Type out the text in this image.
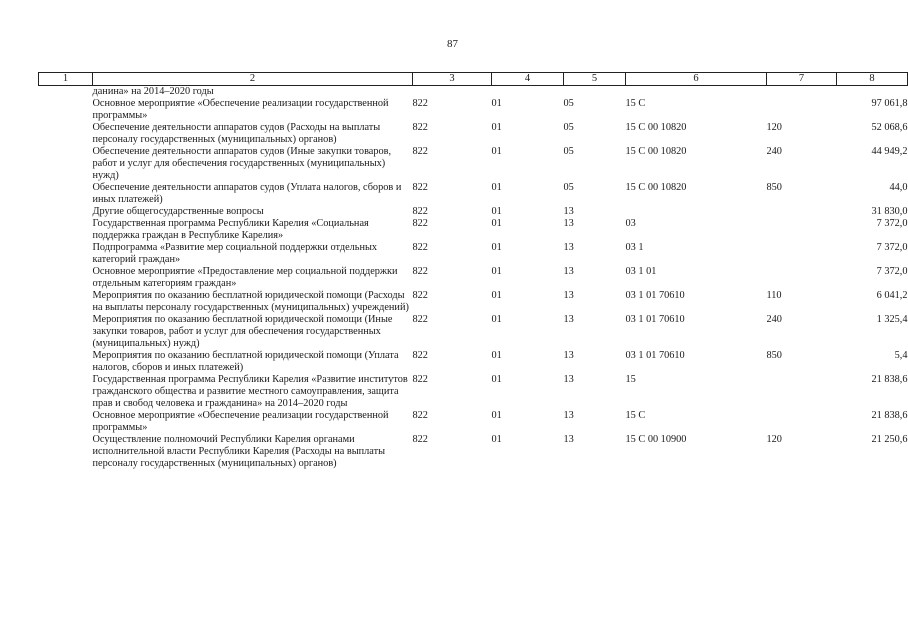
87
1	2	3	4	5	6	7	8
	данина» на 2014–2020 годы						
	Основное мероприятие «Обеспечение реализации государственной программы»	822	01	05	15 С		97 061,8
	Обеспечение деятельности аппаратов судов (Расходы на выплаты персоналу государственных (муниципальных) органов)	822	01	05	15 С 00 10820	120	52 068,6
	Обеспечение деятельности аппаратов судов (Иные закупки товаров, работ и услуг для обеспечения государственных (муниципальных) нужд)	822	01	05	15 С 00 10820	240	44 949,2
	Обеспечение деятельности аппаратов судов (Уплата налогов, сборов и иных платежей)	822	01	05	15 С 00 10820	850	44,0
	Другие общегосударственные вопросы	822	01	13			31 830,0
	Государственная программа Республики Карелия «Социальная поддержка граждан в Республике Карелия»	822	01	13	03		7 372,0
	Подпрограмма «Развитие мер социальной поддержки отдельных категорий граждан»	822	01	13	03 1		7 372,0
	Основное мероприятие «Предоставление мер социальной поддержки отдельным категориям граждан»	822	01	13	03 1 01		7 372,0
	Мероприятия по оказанию бесплатной юридической помощи (Расходы на выплаты персоналу государственных (муниципальных) учреждений)	822	01	13	03 1 01 70610	110	6 041,2
	Мероприятия по оказанию бесплатной юридической помощи (Иные закупки товаров, работ и услуг для обеспечения государственных (муниципальных) нужд)	822	01	13	03 1 01 70610	240	1 325,4
	Мероприятия по оказанию бесплатной юридической помощи (Уплата налогов, сборов и иных платежей)	822	01	13	03 1 01 70610	850	5,4
	Государственная программа Республики Карелия «Развитие институтов гражданского общества и развитие местного самоуправления, защита прав и свобод человека и гражданина» на 2014–2020 годы	822	01	13	15		21 838,6
	Основное мероприятие «Обеспечение реализации государственной программы»	822	01	13	15 С		21 838,6
	Осуществление полномочий Республики Карелия органами исполнительной власти Республики Карелия (Расходы на выплаты персоналу государственных (муниципальных) органов)	822	01	13	15 С 00 10900	120	21 250,6
